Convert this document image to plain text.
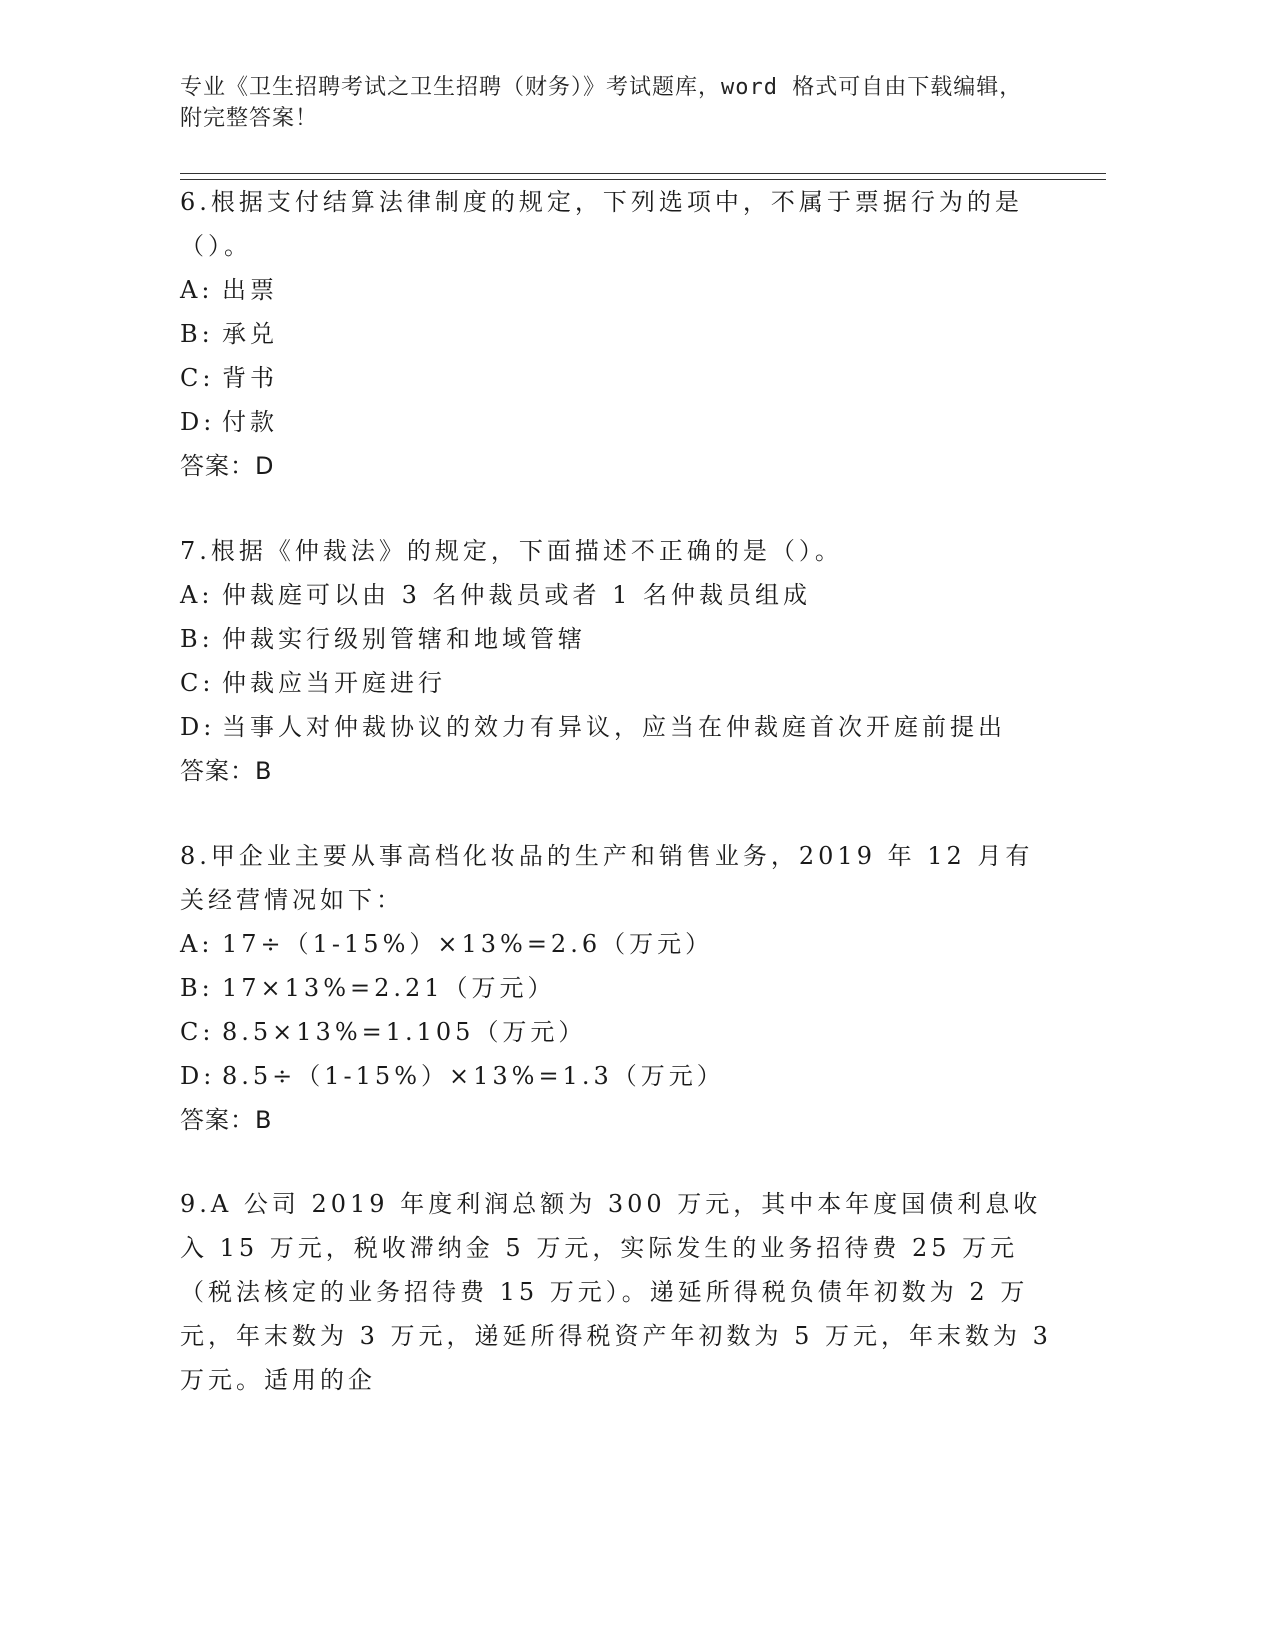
专业《卫生招聘考试之卫生招聘（财务）》考试题库，word 格式可自由下载编辑，附完整答案！

6.根据支付结算法律制度的规定，下列选项中，不属于票据行为的是（）。

A: 出票
B: 承兑
C: 背书
D: 付款
答案：D

7.根据《仲裁法》的规定，下面描述不正确的是（）。

A: 仲裁庭可以由 3 名仲裁员或者 1 名仲裁员组成
B: 仲裁实行级别管辖和地域管辖
C: 仲裁应当开庭进行
D: 当事人对仲裁协议的效力有异议，应当在仲裁庭首次开庭前提出
答案：B

8.甲企业主要从事高档化妆品的生产和销售业务，2019 年 12 月有关经营情况如下：

A: 17÷（1-15%）×13%=2.6（万元）
B: 17×13%=2.21（万元）
C: 8.5×13%=1.105（万元）
D: 8.5÷（1-15%）×13%=1.3（万元）
答案：B

9.A 公司 2019 年度利润总额为 300 万元，其中本年度国债利息收入 15 万元，税收滞纳金 5 万元，实际发生的业务招待费 25 万元（税法核定的业务招待费 15 万元）。递延所得税负债年初数为 2 万元，年末数为 3 万元，递延所得税资产年初数为 5 万元，年末数为 3 万元。适用的企
